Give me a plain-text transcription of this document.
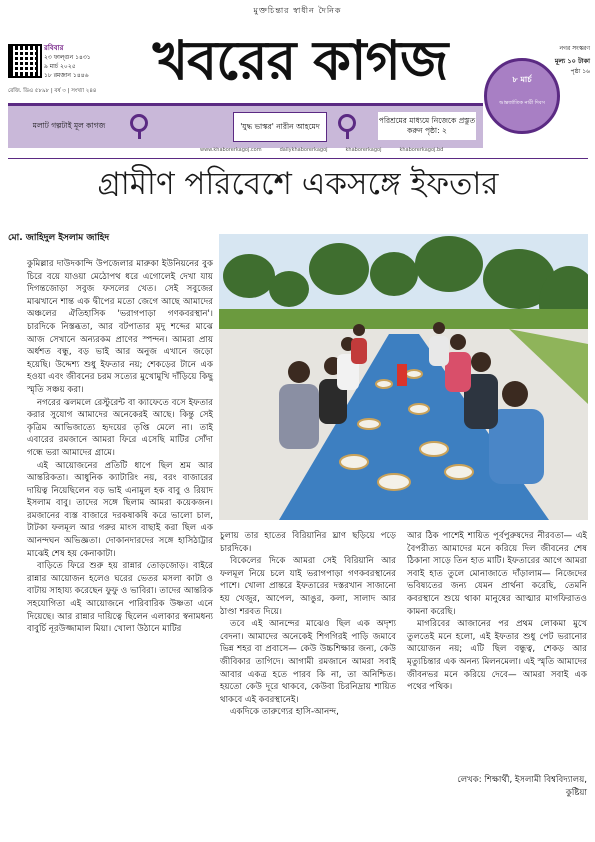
মুক্তচিন্তার স্বাধীন দৈনিক
রবিবার
২৩ ফাল্গুন ১৪৩১
৯ মার্চ ২০২৫
১৮ রমজান ১৪৪৬	খবরের কাগজ	নগর সংস্করণ
রেজি. ডিএ ৫৮৯৮ | বর্ষ ৩ | সংখ্যা ২৪৪
মলাট গল্পটাই মূল কাগজ	'যুদ্ধ ভাস্কর' নারীন আহমেদ
পরিশ্রমের মাধ্যমে নিজেকে প্রস্তুত করুন পৃষ্ঠা: ২
৮ মার্চ
আন্তর্জাতিক নারী দিবস
মূল্য ১০ টাকা
পৃষ্ঠা ১৬
www.khaborerkagoj.com	dailykhaborerkagoj	khaborerkagoj	khaborerkagoj.bd
গ্রামীণ পরিবেশে একসঙ্গে ইফতার
মো. জাহিদুল ইসলাম জাহিদ

কুমিল্লার দাউদকান্দি উপজেলার মারুকা ইউনিয়নের বুক চিরে বয়ে যাওয়া মেঠোপথ ধরে এগোলেই দেখা যায় দিগন্তজোড়া সবুজ ফসলের খেত। সেই সবুজের মাঝখানে শান্ত এক দ্বীপের মতো জেগে আছে আমাদের অঞ্চলের ঐতিহাসিক 'ভরাগপাড়া গণকবরস্থান'। চারদিকে নিস্তব্ধতা, আর বটপাতার মৃদু শব্দের মাঝে আজ সেখানে অন্যরকম প্রাণের স্পন্দন। আমরা প্রায় অর্ধশত বন্ধু, বড় ভাই আর অনুজ এখানে জড়ো হয়েছি। উদ্দেশ্য শুধু ইফতার নয়; শেকড়ের টানে এক হওয়া এবং জীবনের চরম সত্যের মুখোমুখি দাঁড়িয়ে কিছু স্মৃতি সঞ্চয় করা।

নগরের ঝলমলে রেস্টুরেন্ট বা ক্যাফেতে বসে ইফতার করার সুযোগ আমাদের অনেকেরই আছে। কিন্তু সেই কৃত্রিম আভিজাত্যে হৃদয়ের তৃপ্তি মেলে না। তাই এবারের রমজানে আমরা ফিরে এসেছি মাটির সোঁদা গন্ধে ভরা আমাদের গ্রামে।

এই আয়োজনের প্রতিটি ধাপে ছিল শ্রম আর আন্তরিকতা। আধুনিক ক্যাটারিং নয়, বরং বাজারের দায়িত্ব নিয়েছিলেন বড় ভাই এনামুল হক বাবু ও রিয়াদ ইসলাম বাবু। তাদের সঙ্গে ছিলাম আমরা কয়েকজন। রমজানের ব্যস্ত বাজারে দরকষাকষি করে ভালো চাল, টাটকা ফলমূল আর গরুর মাংস বাছাই করা ছিল এক আনন্দঘন অভিজ্ঞতা। দোকানদারদের সঙ্গে হাসিঠাট্টার মাঝেই শেষ হয় কেনাকাটা।

বাড়িতে ফিরে শুরু হয় রান্নার তোড়জোড়। বাইরে রান্নার আয়োজন হলেও ঘরের ভেতর মসলা কাটা ও বাটায় সাহায্য করেছেন ফুফু ও ভাবিরা। তাদের আন্তরিক সহযোগিতা এই আয়োজনে পারিবারিক উষ্ণতা এনে দিয়েছে। আর রান্নার দায়িত্বে ছিলেন এলাকার স্বনামধন্য বাবুর্চি নূরউজ্জামাল মিয়া। খোলা উঠানে মাটির

চুলায় তার হাতের বিরিয়ানির ঘ্রাণ ছড়িয়ে পড়ে চারদিকে।

বিকেলের দিকে আমরা সেই বিরিয়ানি আর ফলমূল নিয়ে চলে যাই ভরাগপাড়া গণকবরস্থানের পাশে। খোলা প্রান্তরে ইফতারের দস্তরখান সাজানো হয় খেজুর, আপেল, আঙুর, কলা, সালাদ আর ঠাণ্ডা শরবত দিয়ে।

তবে এই আনন্দের মাঝেও ছিল এক অদৃশ্য বেদনা। আমাদের অনেকেই শিগগিরই পাড়ি জমাবে ভিন্ন শহর বা প্রবাসে— কেউ উচ্চশিক্ষার জন্য, কেউ জীবিকার তাগিদে। আগামী রমজানে আমরা সবাই আবার একত্র হতে পারব কি না, তা অনিশ্চিত। হয়তো কেউ দূরে থাকবে, কেউবা চিরনিদ্রায় শায়িত থাকবে এই কবরস্থানেই।

একদিকে তারুণ্যের হাসি-আনন্দ,

আর ঠিক পাশেই শায়িত পূর্বপুরুষদের নীরবতা— এই বৈপরীত্য আমাদের মনে করিয়ে দিল জীবনের শেষ ঠিকানা সাড়ে তিন হাত মাটি। ইফতারের আগে আমরা সবাই হাত তুলে মোনাজাতে দাঁড়ালাম— নিজেদের ভবিষ্যতের জন্য যেমন প্রার্থনা করেছি, তেমনি কবরস্থানে শুয়ে থাকা মানুষের আত্মার মাগফিরাতও কামনা করেছি।

মাগরিবের আজানের পর প্রথম লোকমা মুখে তুলতেই মনে হলো, এই ইফতার শুধু পেট ভরানোর আয়োজন নয়; এটি ছিল বন্ধুত্ব, শেকড় আর মৃত্যুচিন্তার এক অনন্য মিলনমেলা। এই স্মৃতি আমাদের জীবনভর মনে করিয়ে দেবে— আমরা সবাই এক পথের পথিক।

লেখক: শিক্ষার্থী, ইসলামী বিশ্ববিদ্যালয়,
কুষ্টিয়া
